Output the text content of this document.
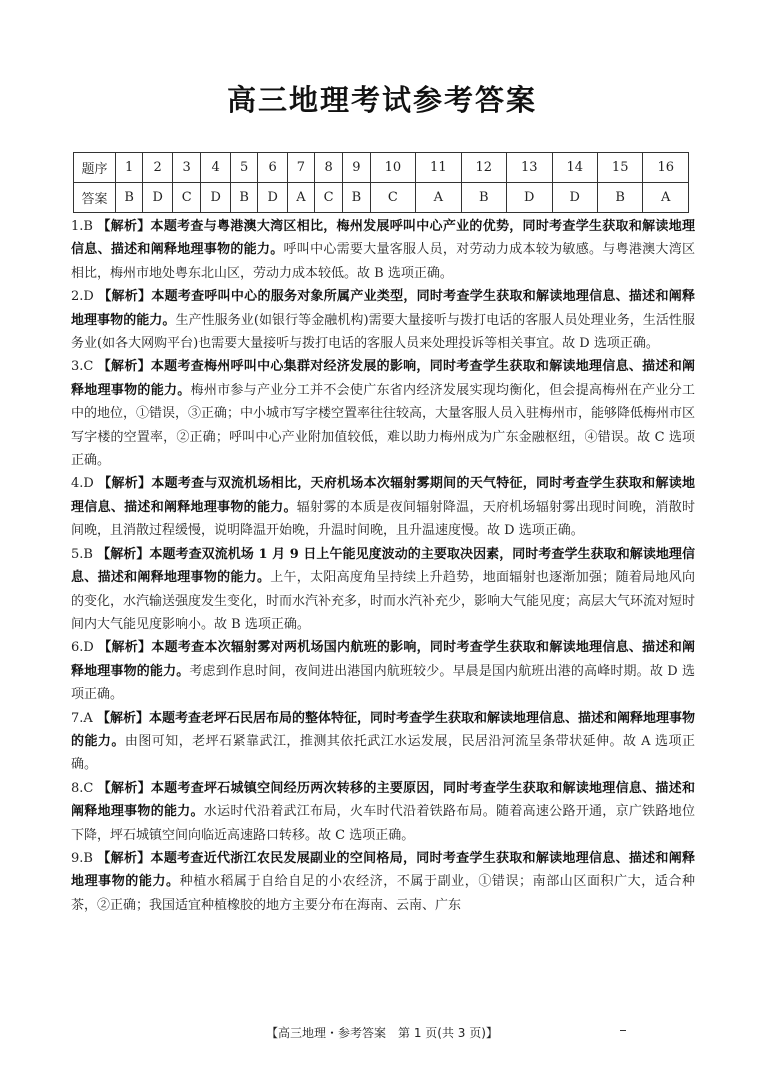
高三地理考试参考答案
题序	1	2	3	4	5	6	7	8	9	10	11	12	13	14	15	16
答案	B	D	C	D	B	D	A	C	B	C	A	B	D	D	B	A

1.B 【解析】本题考查与粤港澳大湾区相比，梅州发展呼叫中心产业的优势，同时考查学生获取和解读地理信息、描述和阐释地理事物的能力。呼叫中心需要大量客服人员，对劳动力成本较为敏感。与粤港澳大湾区相比，梅州市地处粤东北山区，劳动力成本较低。故 B 选项正确。

2.D 【解析】本题考查呼叫中心的服务对象所属产业类型，同时考查学生获取和解读地理信息、描述和阐释地理事物的能力。生产性服务业(如银行等金融机构)需要大量接听与拨打电话的客服人员处理业务，生活性服务业(如各大网购平台)也需要大量接听与拨打电话的客服人员来处理投诉等相关事宜。故 D 选项正确。

3.C 【解析】本题考查梅州呼叫中心集群对经济发展的影响，同时考查学生获取和解读地理信息、描述和阐释地理事物的能力。梅州市参与产业分工并不会使广东省内经济发展实现均衡化，但会提高梅州在产业分工中的地位，①错误，③正确；中小城市写字楼空置率往往较高，大量客服人员入驻梅州市，能够降低梅州市区写字楼的空置率，②正确；呼叫中心产业附加值较低，难以助力梅州成为广东金融枢纽，④错误。故 C 选项正确。

4.D 【解析】本题考查与双流机场相比，天府机场本次辐射雾期间的天气特征，同时考查学生获取和解读地理信息、描述和阐释地理事物的能力。辐射雾的本质是夜间辐射降温，天府机场辐射雾出现时间晚，消散时间晚，且消散过程缓慢，说明降温开始晚，升温时间晚，且升温速度慢。故 D 选项正确。

5.B 【解析】本题考查双流机场 1 月 9 日上午能见度波动的主要取决因素，同时考查学生获取和解读地理信息、描述和阐释地理事物的能力。上午，太阳高度角呈持续上升趋势，地面辐射也逐渐加强；随着局地风向的变化，水汽输送强度发生变化，时而水汽补充多，时而水汽补充少，影响大气能见度；高层大气环流对短时间内大气能见度影响小。故 B 选项正确。

6.D 【解析】本题考查本次辐射雾对两机场国内航班的影响，同时考查学生获取和解读地理信息、描述和阐释地理事物的能力。考虑到作息时间，夜间进出港国内航班较少。早晨是国内航班出港的高峰时期。故 D 选项正确。

7.A 【解析】本题考查老坪石民居布局的整体特征，同时考查学生获取和解读地理信息、描述和阐释地理事物的能力。由图可知，老坪石紧靠武江，推测其依托武江水运发展，民居沿河流呈条带状延伸。故 A 选项正确。

8.C 【解析】本题考查坪石城镇空间经历两次转移的主要原因，同时考查学生获取和解读地理信息、描述和阐释地理事物的能力。水运时代沿着武江布局，火车时代沿着铁路布局。随着高速公路开通，京广铁路地位下降，坪石城镇空间向临近高速路口转移。故 C 选项正确。

9.B 【解析】本题考查近代浙江农民发展副业的空间格局，同时考查学生获取和解读地理信息、描述和阐释地理事物的能力。种植水稻属于自给自足的小农经济，不属于副业，①错误；南部山区面积广大，适合种茶，②正确；我国适宜种植橡胶的地方主要分布在海南、云南、广东

【高三地理・参考答案　第 1 页(共 3 页)】
